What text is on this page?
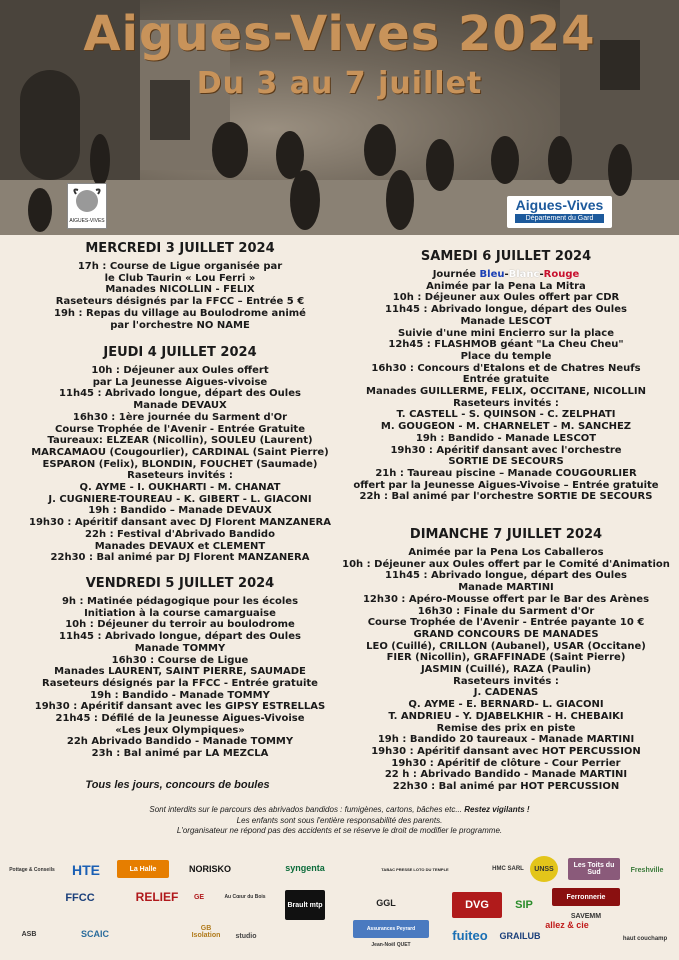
Aigues-Vives 2024
Du 3 au 7 juillet
AIGUES-VIVES
Aigues-Vives
Département du Gard
MERCREDI 3 JUILLET 2024
17h : Course de Ligue organisée par
le Club Taurin « Lou Ferri »
Manades NICOLLIN - FELIX
Raseteurs désignés par la FFCC – Entrée 5 €
19h : Repas du village au Boulodrome animé
par l'orchestre NO NAME
JEUDI 4 JUILLET 2024
10h : Déjeuner aux Oules offert
par La Jeunesse Aigues-vivoise
11h45 : Abrivado longue, départ des Oules
Manade DEVAUX
16h30 : 1ère journée du Sarment d'Or
Course Trophée de l'Avenir - Entrée Gratuite
Taureaux: ELZEAR (Nicollin), SOULEU (Laurent)
MARCAMAOU (Cougourlier), CARDINAL (Saint Pierre)
ESPARON (Felix), BLONDIN, FOUCHET (Saumade)
Raseteurs invités :
Q. AYME - I. OUKHARTI - M. CHANAT
J. CUGNIERE-TOUREAU - K. GIBERT - L. GIACONI
19h : Bandido – Manade DEVAUX
19h30 : Apéritif dansant avec DJ Florent MANZANERA
22h : Festival d'Abrivado Bandido
Manades DEVAUX et CLEMENT
22h30 : Bal animé par DJ Florent MANZANERA
VENDREDI 5 JUILLET 2024
9h : Matinée pédagogique pour les écoles
Initiation à la course camarguaise
10h : Déjeuner du terroir au boulodrome
11h45 : Abrivado longue, départ des Oules
Manade TOMMY
16h30 : Course de Ligue
Manades LAURENT, SAINT PIERRE, SAUMADE
Raseteurs désignés par la FFCC - Entrée gratuite
19h : Bandido - Manade TOMMY
19h30 : Apéritif dansant avec les GIPSY ESTRELLAS
21h45 : Défilé de la Jeunesse Aigues-Vivoise
«Les Jeux Olympiques»
22h Abrivado Bandido - Manade TOMMY
23h : Bal animé par LA MEZCLA
Tous les jours, concours de boules
SAMEDI 6 JUILLET 2024
Journée Bleu-Blanc-Rouge
Animée par la Pena La Mitra
10h : Déjeuner aux Oules offert par CDR
11h45 : Abrivado longue, départ des Oules
Manade LESCOT
Suivie d'une mini Encierro sur la place
12h45 : FLASHMOB géant "La Cheu Cheu"
Place du temple
16h30 : Concours d'Etalons et de Chatres Neufs
Entrée gratuite
Manades GUILLERME, FELIX, OCCITANE, NICOLLIN
Raseteurs invités :
T. CASTELL - S. QUINSON - C. ZELPHATI
M. GOUGEON - M. CHARNELET - M. SANCHEZ
19h : Bandido - Manade LESCOT
19h30 : Apéritif dansant avec l'orchestre
SORTIE DE SECOURS
21h : Taureau piscine – Manade COUGOURLIER
offert par la Jeunesse Aigues-Vivoise – Entrée gratuite
22h : Bal animé par l'orchestre SORTIE DE SECOURS
DIMANCHE 7 JUILLET 2024
Animée par la Pena Los Caballeros
10h : Déjeuner aux Oules offert par le Comité d'Animation
11h45 : Abrivado longue, départ des Oules
Manade MARTINI
12h30 : Apéro-Mousse offert par le Bar des Arènes
16h30 : Finale du Sarment d'Or
Course Trophée de l'Avenir - Entrée payante 10 €
GRAND CONCOURS DE MANADES
LEO (Cuillé), CRILLON (Aubanel), USAR (Occitane)
FIER (Nicollin), GRAFFINADE (Saint Pierre)
JASMIN (Cuillé), RAZA (Paulin)
Raseteurs invités :
J. CADENAS
Q. AYME - E. BERNARD- L. GIACONI
T. ANDRIEU - Y. DJABELKHIR - H. CHEBAIKI
Remise des prix en piste
19h : Bandido 20 taureaux - Manade MARTINI
19h30 : Apéritif dansant avec HOT PERCUSSION
19h30 : Apéritif de clôture - Cour Perrier
22 h : Abrivado Bandido - Manade MARTINI
22h30 : Bal animé par HOT PERCUSSION
Sont interdits sur le parcours des abrivados bandidos : fumigènes, cartons, bâches etc... Restez vigilants !
Les enfants sont sous l'entière responsabilité des parents.
L'organisateur ne répond pas des accidents et se réserve le droit de modifier le programme.
Pottage & Conseils	HTE	La Halle	NORISKO	syngenta	TABAC PRESSE LOTO DU TEMPLE	HMC SARL	UNSS	Les Toits du Sud	Freshville
FFCC	RELIEF	GE	Au Cœur du Bois
Brault mtp	GGL	DVG	SIP
Ferronnerie
SAVEMM
ASB	SCAIC
GB Isolation	studio
Assurances Peyrard
Jean-Noël QUET
fuiteo	GRAILUB
allez & cie
haut couchamp
